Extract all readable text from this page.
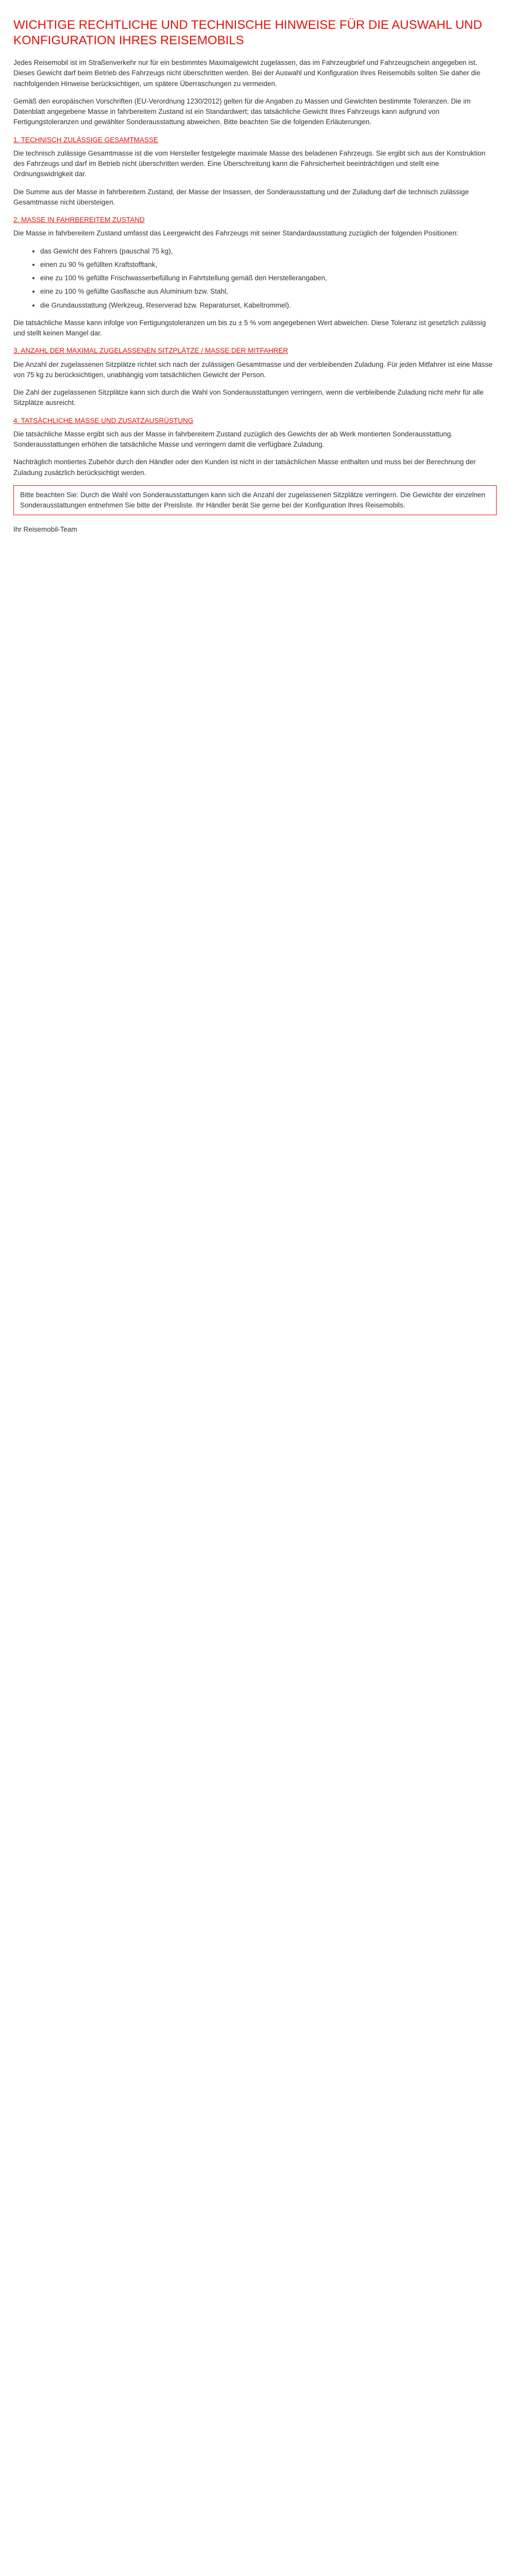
WICHTIGE RECHTLICHE UND TECHNISCHE HINWEISE FÜR DIE AUSWAHL UND KONFIGURATION IHRES REISEMOBILS

Jedes Reisemobil ist im Straßenverkehr nur für ein bestimmtes Maximalgewicht zugelassen, das im Fahrzeugbrief und Fahrzeugschein angegeben ist. Dieses Gewicht darf beim Betrieb des Fahrzeugs nicht überschritten werden. Bei der Auswahl und Konfiguration Ihres Reisemobils sollten Sie daher die nachfolgenden Hinweise berücksichtigen, um spätere Überraschungen zu vermeiden.

Gemäß den europäischen Vorschriften (EU-Verordnung 1230/2012) gelten für die Angaben zu Massen und Gewichten bestimmte Toleranzen. Die im Datenblatt angegebene Masse in fahrbereitem Zustand ist ein Standardwert; das tatsächliche Gewicht Ihres Fahrzeugs kann aufgrund von Fertigungstoleranzen und gewählter Sonderausstattung abweichen. Bitte beachten Sie die folgenden Erläuterungen.

1. TECHNISCH ZULÄSSIGE GESAMTMASSE

Die technisch zulässige Gesamtmasse ist die vom Hersteller festgelegte maximale Masse des beladenen Fahrzeugs. Sie ergibt sich aus der Konstruktion des Fahrzeugs und darf im Betrieb nicht überschritten werden. Eine Überschreitung kann die Fahrsicherheit beeinträchtigen und stellt eine Ordnungswidrigkeit dar.

Die Summe aus der Masse in fahrbereitem Zustand, der Masse der Insassen, der Sonderausstattung und der Zuladung darf die technisch zulässige Gesamtmasse nicht übersteigen.

2. MASSE IN FAHRBEREITEM ZUSTAND

Die Masse in fahrbereitem Zustand umfasst das Leergewicht des Fahrzeugs mit seiner Standardausstattung zuzüglich der folgenden Positionen:

• das Gewicht des Fahrers (pauschal 75 kg),
• einen zu 90 % gefüllten Kraftstofftank,
• eine zu 100 % gefüllte Frischwasserbefüllung in Fahrtstellung gemäß den Herstellerangaben,
• eine zu 100 % gefüllte Gasflasche aus Aluminium bzw. Stahl,
• die Grundausstattung (Werkzeug, Reserverad bzw. Reparaturset, Kabeltrommel).

Die tatsächliche Masse kann infolge von Fertigungstoleranzen um bis zu ± 5 % vom angegebenen Wert abweichen. Diese Toleranz ist gesetzlich zulässig und stellt keinen Mangel dar.

3. ANZAHL DER MAXIMAL ZUGELASSENEN SITZPLÄTZE / MASSE DER MITFAHRER

Die Anzahl der zugelassenen Sitzplätze richtet sich nach der zulässigen Gesamtmasse und der verbleibenden Zuladung. Für jeden Mitfahrer ist eine Masse von 75 kg zu berücksichtigen, unabhängig vom tatsächlichen Gewicht der Person.

Die Zahl der zugelassenen Sitzplätze kann sich durch die Wahl von Sonderausstattungen verringern, wenn die verbleibende Zuladung nicht mehr für alle Sitzplätze ausreicht.

4. TATSÄCHLICHE MASSE UND ZUSATZAUSRÜSTUNG

Die tatsächliche Masse ergibt sich aus der Masse in fahrbereitem Zustand zuzüglich des Gewichts der ab Werk montierten Sonderausstattung. Sonderausstattungen erhöhen die tatsächliche Masse und verringern damit die verfügbare Zuladung.

Nachträglich montiertes Zubehör durch den Händler oder den Kunden ist nicht in der tatsächlichen Masse enthalten und muss bei der Berechnung der Zuladung zusätzlich berücksichtigt werden.

Bitte beachten Sie: Durch die Wahl von Sonderausstattungen kann sich die Anzahl der zugelassenen Sitzplätze verringern. Die Gewichte der einzelnen Sonderausstattungen entnehmen Sie bitte der Preisliste. Ihr Händler berät Sie gerne bei der Konfiguration Ihres Reisemobils.

Ihr Reisemobil-Team
